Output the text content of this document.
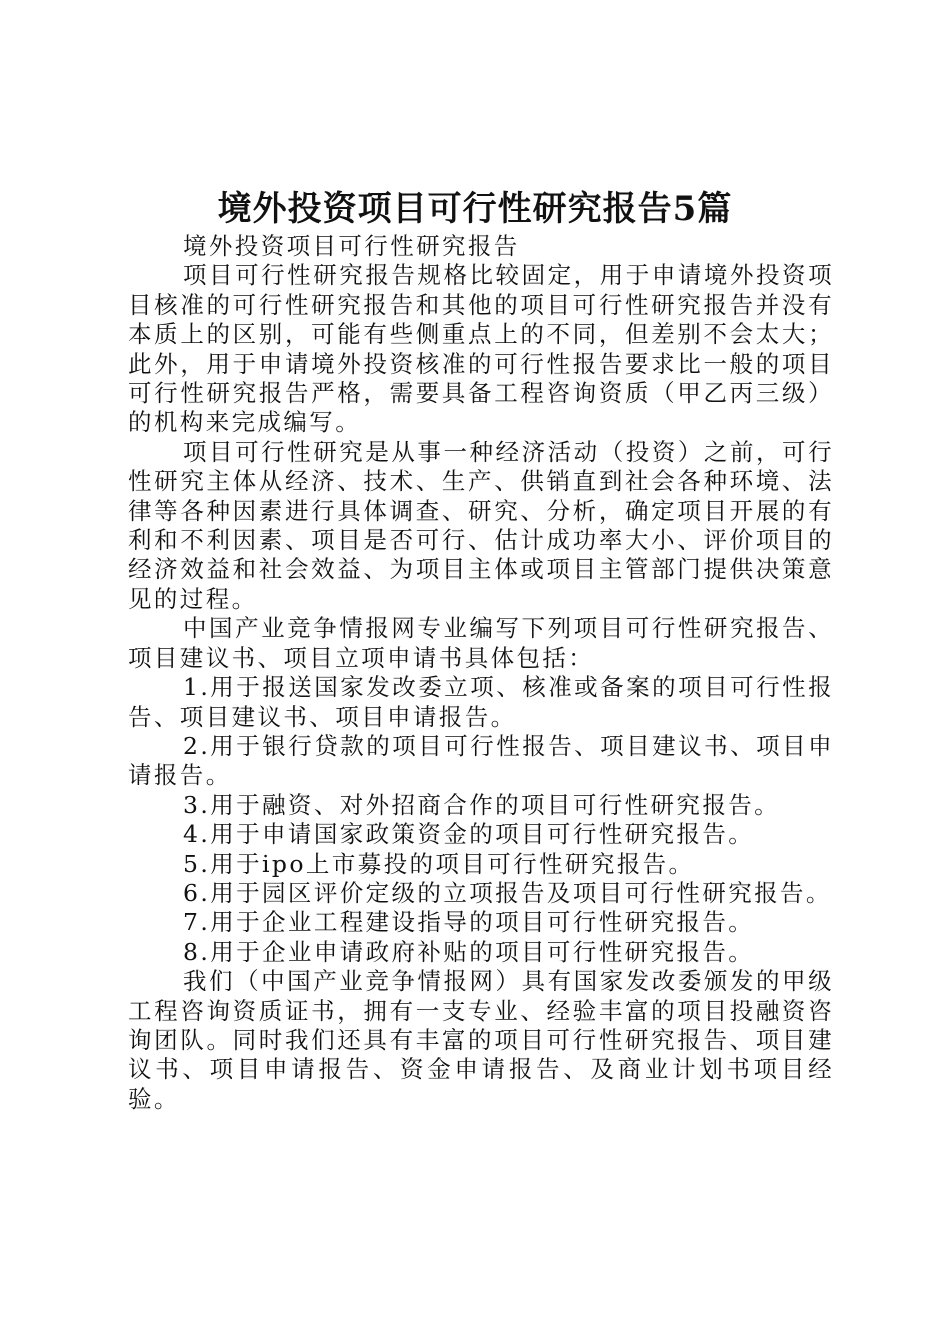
境外投资项目可行性研究报告5篇

境外投资项目可行性研究报告

项目可行性研究报告规格比较固定，用于申请境外投资项目核准的可行性研究报告和其他的项目可行性研究报告并没有本质上的区别，可能有些侧重点上的不同，但差别不会太大；此外，用于申请境外投资核准的可行性报告要求比一般的项目可行性研究报告严格，需要具备工程咨询资质（甲乙丙三级）的机构来完成编写。

项目可行性研究是从事一种经济活动（投资）之前，可行性研究主体从经济、技术、生产、供销直到社会各种环境、法律等各种因素进行具体调查、研究、分析，确定项目开展的有利和不利因素、项目是否可行、估计成功率大小、评价项目的经济效益和社会效益、为项目主体或项目主管部门提供决策意见的过程。

中国产业竞争情报网专业编写下列项目可行性研究报告、项目建议书、项目立项申请书具体包括：

1.用于报送国家发改委立项、核准或备案的项目可行性报告、项目建议书、项目申请报告。

2.用于银行贷款的项目可行性报告、项目建议书、项目申请报告。

3.用于融资、对外招商合作的项目可行性研究报告。

4.用于申请国家政策资金的项目可行性研究报告。

5.用于ipo上市募投的项目可行性研究报告。

6.用于园区评价定级的立项报告及项目可行性研究报告。

7.用于企业工程建设指导的项目可行性研究报告。

8.用于企业申请政府补贴的项目可行性研究报告。

我们（中国产业竞争情报网）具有国家发改委颁发的甲级工程咨询资质证书，拥有一支专业、经验丰富的项目投融资咨询团队。同时我们还具有丰富的项目可行性研究报告、项目建议书、项目申请报告、资金申请报告、及商业计划书项目经验。
